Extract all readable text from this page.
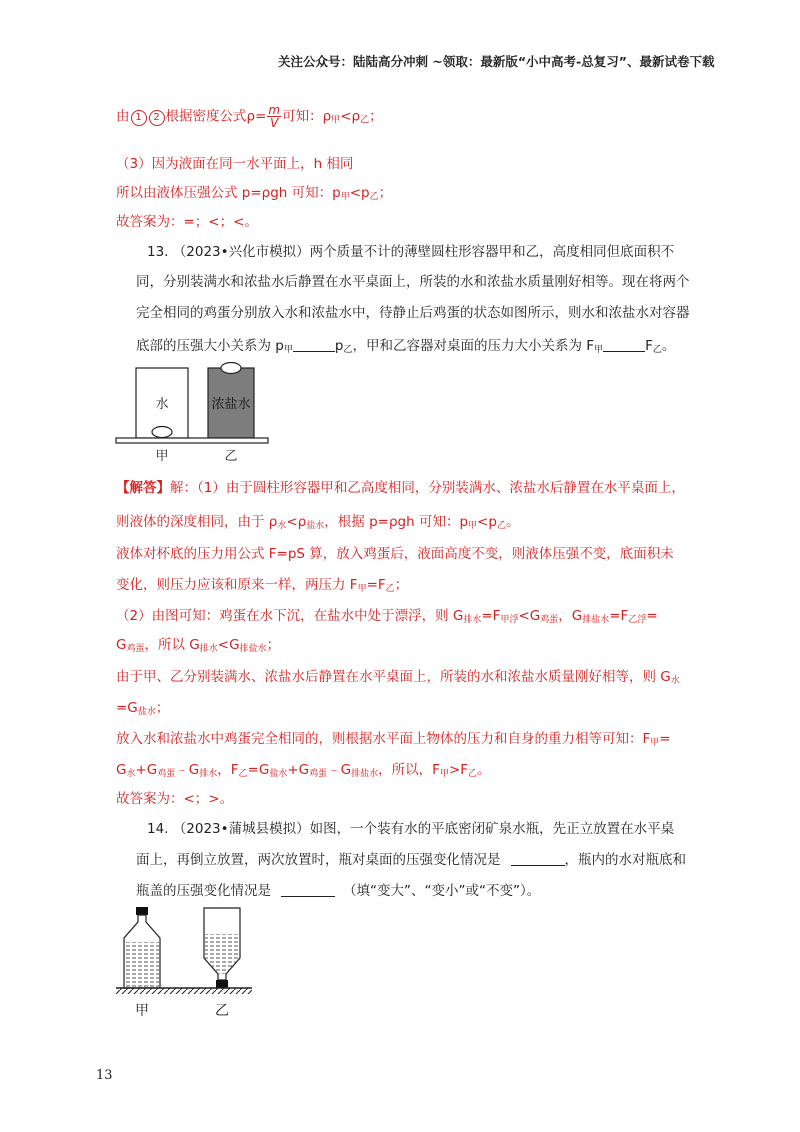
关注公众号：陆陆高分冲刺 ~领取：最新版“小中高考-总复习”、最新试卷下载
由 1 2 根据密度公式$\rho= \frac{m}{V}$ 可知：$\rho_甲<\rho_乙$；
（3）因为液面在同一水平面上，h 相同
所以由液体压强公式 p=ρgh 可知：$p_甲<p_乙$；
故答案为：=；<；<。
13. （2023•兴化市模拟）两个质量不计的薄壁圆柱形容器甲和乙，高度相同但底面积不
同，分别装满水和浓盐水后静置在水平桌面上，所装的水和浓盐水质量刚好相等。现在将两个
完全相同的鸡蛋分别放入水和浓盐水中，待静止后鸡蛋的状态如图所示，则水和浓盐水对容器
底部的压强大小关系为 $p_甲$	$p_乙$，甲和乙容器对桌面的压力大小关系为 $F_甲$	$F_乙$。
水	浓盐水
甲	乙
【解答】解：（1）由于圆柱形容器甲和乙高度相同，分别装满水、浓盐水后静置在水平桌面上，
则液体的深度相同，由于 $\rho_水<\rho_{盐水}$，根据 p=ρgh 可知：$p_甲<p_乙$。
液体对杯底的压力用公式 F=pS 算，放入鸡蛋后，液面高度不变，则液体压强不变，底面积未
变化，则压力应该和原来一样，两压力 $F_甲=F_乙$；
（2）由图可知：鸡蛋在水下沉，在盐水中处于漂浮，则 $G_{排水}=F_{甲浮}<G_{鸡蛋}$，$G_{排盐水}=F_{乙浮}=$
$G_{鸡蛋}$，所以 $G_{排水}<G_{排盐水}$；
由于甲、乙分别装满水、浓盐水后静置在水平桌面上，所装的水和浓盐水质量刚好相等，则 $G_水$
$=G_{盐水}$；
放入水和浓盐水中鸡蛋完全相同的，则根据水平面上物体的压力和自身的重力相等可知：$F_甲=$
$G_水+G_{鸡蛋}﹣G_{排水}$，$F_乙=G_{盐水}+G_{鸡蛋}﹣G_{排盐水}$，所以，$F_甲>F_乙$。
故答案为：<；>。
14. （2023•蒲城县模拟）如图，一个装有水的平底密闭矿泉水瓶，先正立放置在水平桌
面上，再倒立放置，两次放置时，瓶对桌面的压强变化情况是	，瓶内的水对瓶底和
瓶盖的压强变化情况是	（填“变大”、“变小”或“不变”）。
甲	乙
13
